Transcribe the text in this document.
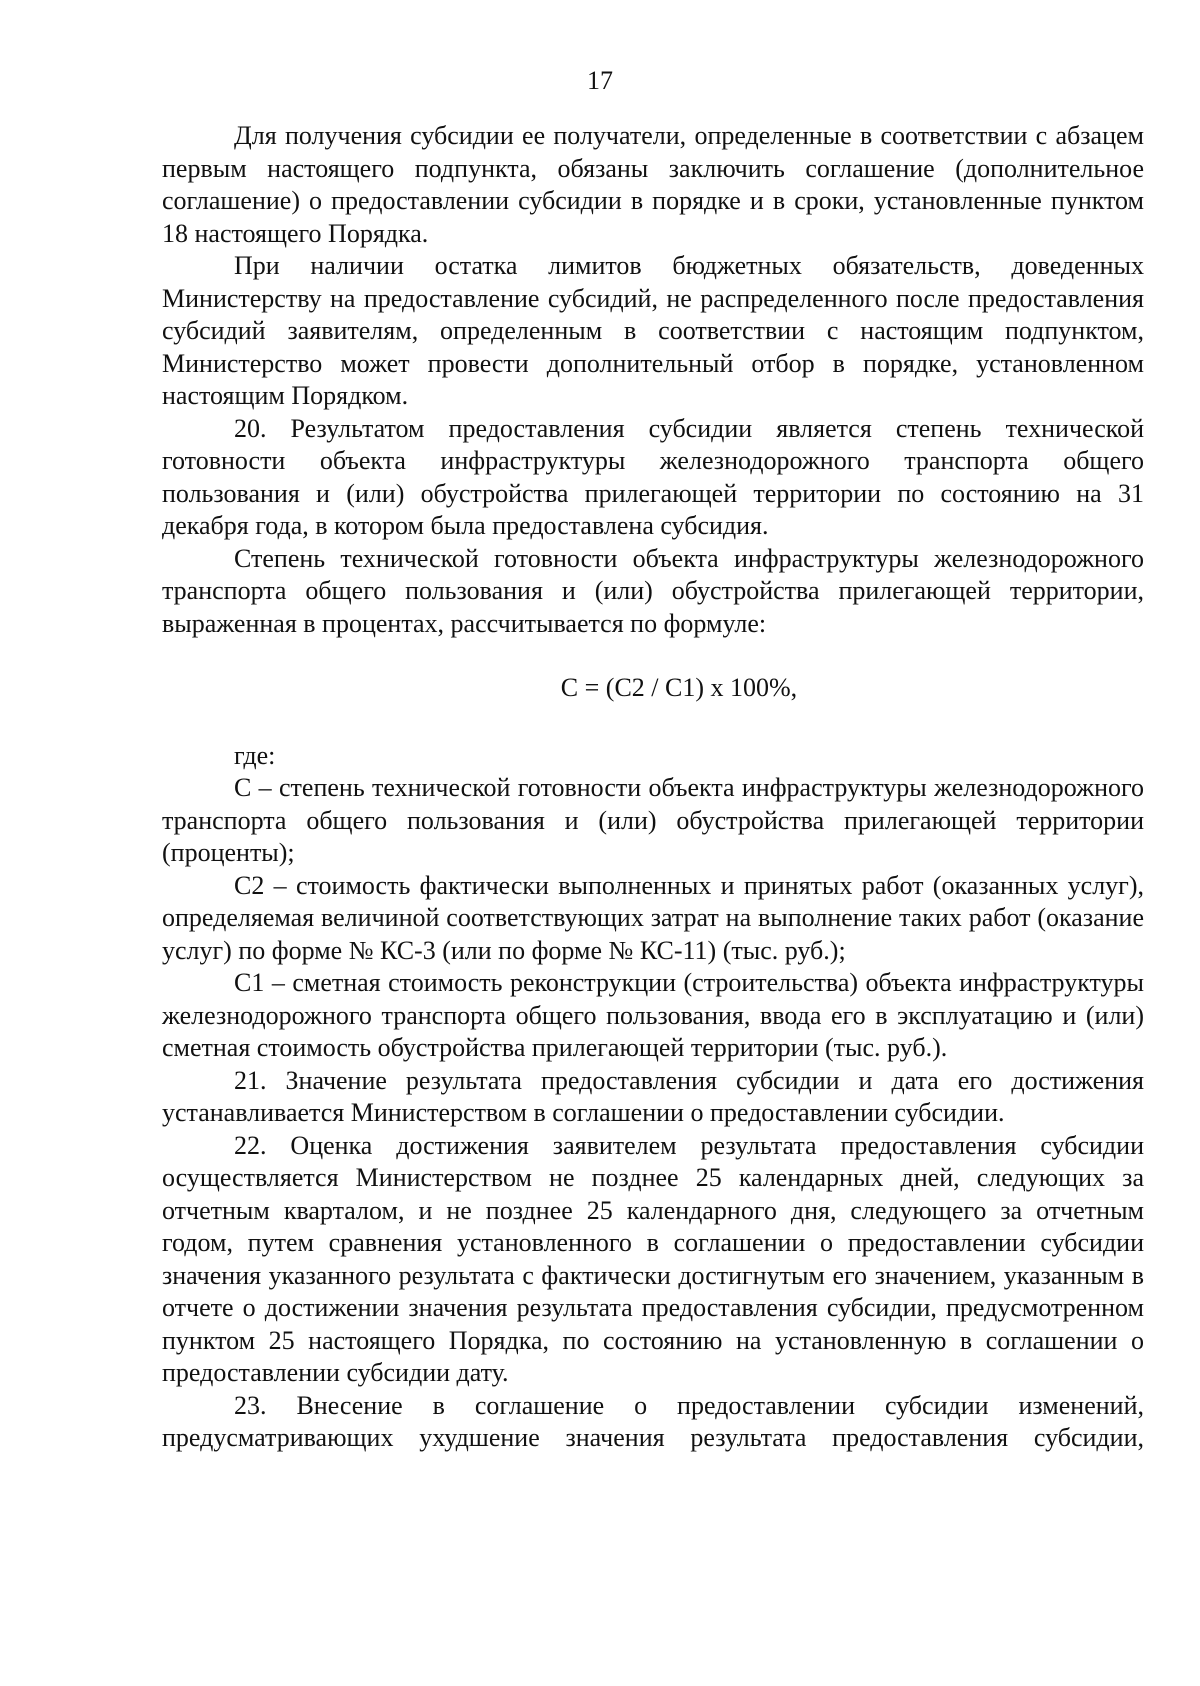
17

Для получения субсидии ее получатели, определенные в соответствии с абзацем первым настоящего подпункта, обязаны заключить соглашение (дополнительное соглашение) о предоставлении субсидии в порядке и в сроки, установленные пунктом 18 настоящего Порядка.

При наличии остатка лимитов бюджетных обязательств, доведенных Министерству на предоставление субсидий, не распределенного после предоставления субсидий заявителям, определенным в соответствии с настоящим подпунктом, Министерство может провести дополнительный отбор в порядке, установленном настоящим Порядком.

20. Результатом предоставления субсидии является степень технической готовности объекта инфраструктуры железнодорожного транспорта общего пользования и (или) обустройства прилегающей территории по состоянию на 31 декабря года, в котором была предоставлена субсидия.

Степень технической готовности объекта инфраструктуры железнодорожного транспорта общего пользования и (или) обустройства прилегающей территории, выраженная в процентах, рассчитывается по формуле:

C = (C2 / C1) x 100%,

где:

C – степень технической готовности объекта инфраструктуры железнодорожного транспорта общего пользования и (или) обустройства прилегающей территории (проценты);

C2 – стоимость фактически выполненных и принятых работ (оказанных услуг), определяемая величиной соответствующих затрат на выполнение таких работ (оказание услуг) по форме № КС-3 (или по форме № КС-11) (тыс. руб.);

C1 – сметная стоимость реконструкции (строительства) объекта инфраструктуры железнодорожного транспорта общего пользования, ввода его в эксплуатацию и (или) сметная стоимость обустройства прилегающей территории (тыс. руб.).

21. Значение результата предоставления субсидии и дата его достижения устанавливается Министерством в соглашении о предоставлении субсидии.

22. Оценка достижения заявителем результата предоставления субсидии осуществляется Министерством не позднее 25 календарных дней, следующих за отчетным кварталом, и не позднее 25 календарного дня, следующего за отчетным годом, путем сравнения установленного в соглашении о предоставлении субсидии значения указанного результата с фактически достигнутым его значением, указанным в отчете о достижении значения результата предоставления субсидии, предусмотренном пунктом 25 настоящего Порядка, по состоянию на установленную в соглашении о предоставлении субсидии дату.

23. Внесение в соглашение о предоставлении субсидии изменений, предусматривающих ухудшение значения результата предоставления субсидии,
